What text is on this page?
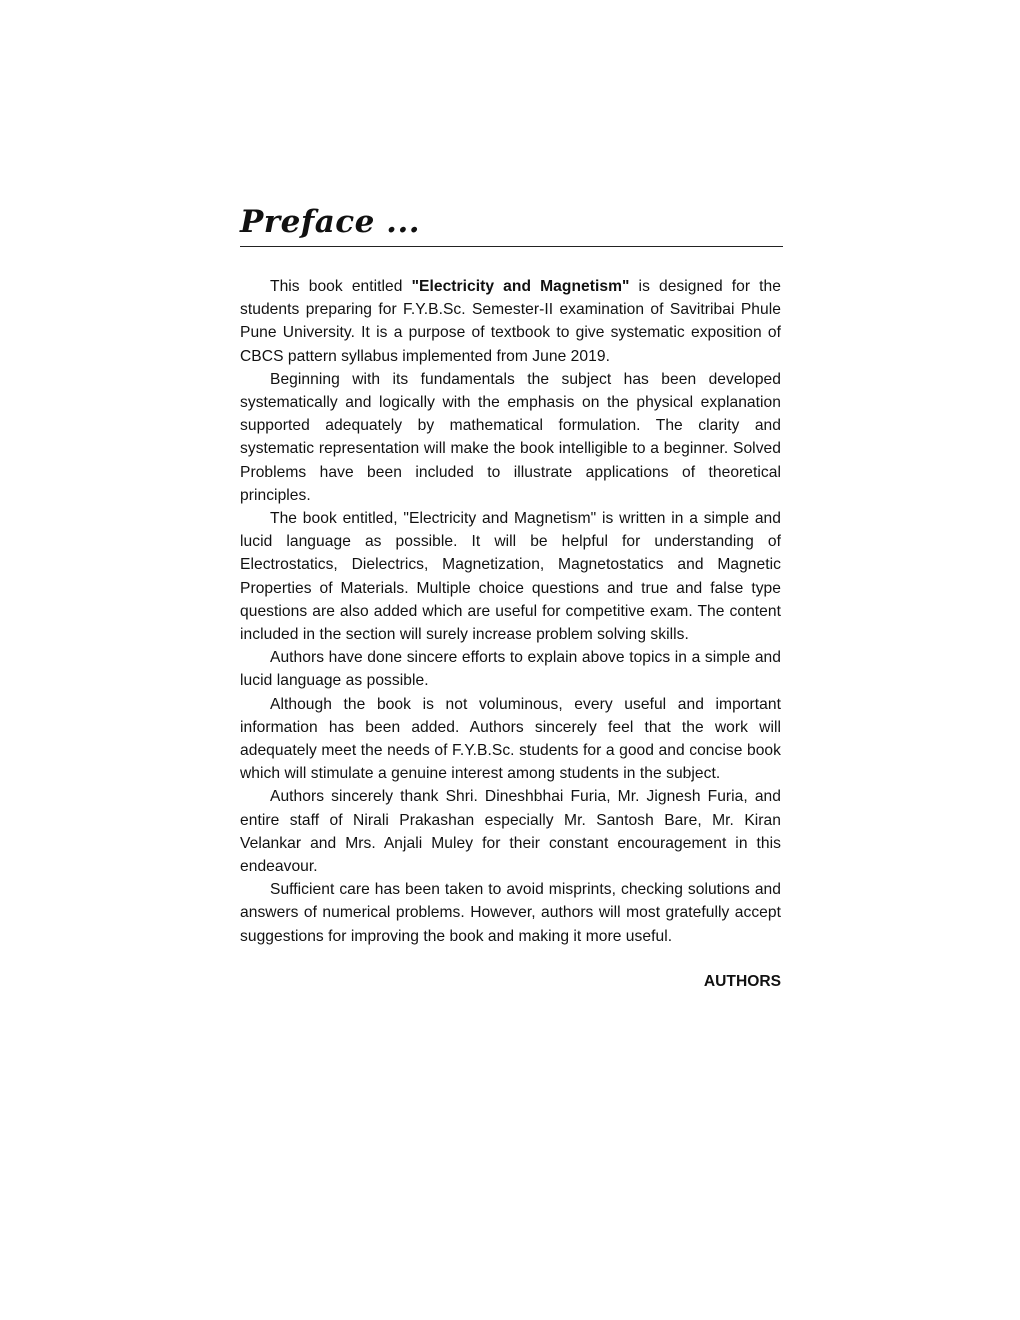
Preface ...

This book entitled "Electricity and Magnetism" is designed for the students preparing for F.Y.B.Sc. Semester-II examination of Savitribai Phule Pune University. It is a purpose of textbook to give systematic exposition of CBCS pattern syllabus implemented from June 2019.

Beginning with its fundamentals the subject has been developed systematically and logically with the emphasis on the physical explanation supported adequately by mathematical formulation. The clarity and systematic representation will make the book intelligible to a beginner. Solved Problems have been included to illustrate applications of theoretical principles.

The book entitled, "Electricity and Magnetism" is written in a simple and lucid language as possible. It will be helpful for understanding of Electrostatics, Dielectrics, Magnetization, Magnetostatics and Magnetic Properties of Materials. Multiple choice questions and true and false type questions are also added which are useful for competitive exam. The content included in the section will surely increase problem solving skills.

Authors have done sincere efforts to explain above topics in a simple and lucid language as possible.

Although the book is not voluminous, every useful and important information has been added. Authors sincerely feel that the work will adequately meet the needs of F.Y.B.Sc. students for a good and concise book which will stimulate a genuine interest among students in the subject.

Authors sincerely thank Shri. Dineshbhai Furia, Mr. Jignesh Furia, and entire staff of Nirali Prakashan especially Mr. Santosh Bare, Mr. Kiran Velankar and Mrs. Anjali Muley for their constant encouragement in this endeavour.

Sufficient care has been taken to avoid misprints, checking solutions and answers of numerical problems. However, authors will most gratefully accept suggestions for improving the book and making it more useful.

AUTHORS
